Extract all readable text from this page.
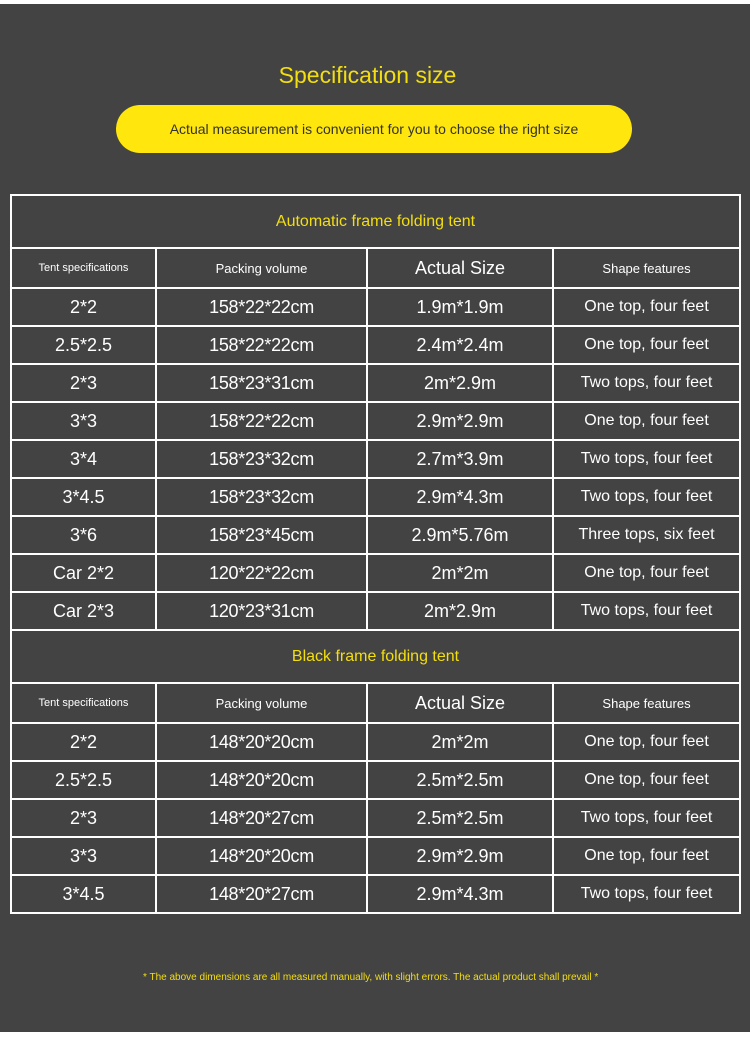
Specification size
Actual measurement is convenient for you to choose the right size
Automatic frame folding tent			
Tent specifications	Packing volume	Actual Size	Shape features
2*2	158*22*22cm	1.9m*1.9m	One top, four feet
2.5*2.5	158*22*22cm	2.4m*2.4m	One top, four feet
2*3	158*23*31cm	2m*2.9m	Two tops, four feet
3*3	158*22*22cm	2.9m*2.9m	One top, four feet
3*4	158*23*32cm	2.7m*3.9m	Two tops, four feet
3*4.5	158*23*32cm	2.9m*4.3m	Two tops, four feet
3*6	158*23*45cm	2.9m*5.76m	Three tops, six feet
Car 2*2	120*22*22cm	2m*2m	One top, four feet
Car 2*3	120*23*31cm	2m*2.9m	Two tops, four feet
Black frame folding tent			
Tent specifications	Packing volume	Actual Size	Shape features
2*2	148*20*20cm	2m*2m	One top, four feet
2.5*2.5	148*20*20cm	2.5m*2.5m	One top, four feet
2*3	148*20*27cm	2.5m*2.5m	Two tops, four feet
3*3	148*20*20cm	2.9m*2.9m	One top, four feet
3*4.5	148*20*27cm	2.9m*4.3m	Two tops, four feet
* The above dimensions are all measured manually, with slight errors. The actual product shall prevail *
